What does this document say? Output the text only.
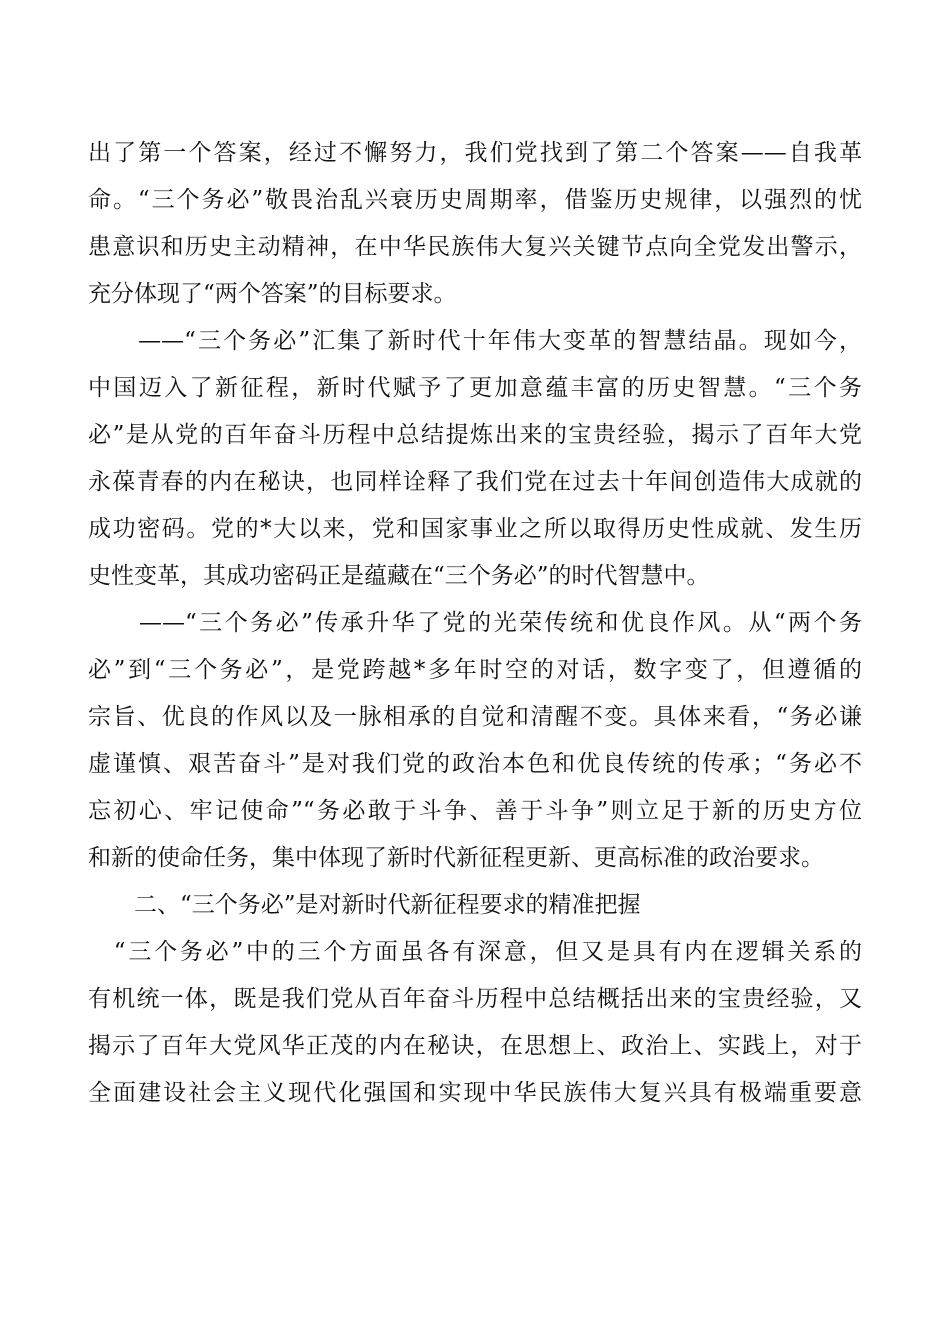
出了第一个答案，经过不懈努力，我们党找到了第二个答案——自我革
命。“三个务必”敬畏治乱兴衰历史周期率，借鉴历史规律，以强烈的忧
患意识和历史主动精神，在中华民族伟大复兴关键节点向全党发出警示，
充分体现了“两个答案”的目标要求。
　　——“三个务必”汇集了新时代十年伟大变革的智慧结晶。现如今，
中国迈入了新征程，新时代赋予了更加意蕴丰富的历史智慧。“三个务
必”是从党的百年奋斗历程中总结提炼出来的宝贵经验，揭示了百年大党
永葆青春的内在秘诀，也同样诠释了我们党在过去十年间创造伟大成就的
成功密码。党的*大以来，党和国家事业之所以取得历史性成就、发生历
史性变革，其成功密码正是蕴藏在“三个务必”的时代智慧中。
　　——“三个务必”传承升华了党的光荣传统和优良作风。从“两个务
必”到“三个务必”，是党跨越*多年时空的对话，数字变了，但遵循的
宗旨、优良的作风以及一脉相承的自觉和清醒不变。具体来看，“务必谦
虚谨慎、艰苦奋斗”是对我们党的政治本色和优良传统的传承；“务必不
忘初心、牢记使命”“务必敢于斗争、善于斗争”则立足于新的历史方位
和新的使命任务，集中体现了新时代新征程更新、更高标准的政治要求。
　　二、“三个务必”是对新时代新征程要求的精准把握
　“三个务必”中的三个方面虽各有深意，但又是具有内在逻辑关系的
有机统一体，既是我们党从百年奋斗历程中总结概括出来的宝贵经验，又
揭示了百年大党风华正茂的内在秘诀，在思想上、政治上、实践上，对于
全面建设社会主义现代化强国和实现中华民族伟大复兴具有极端重要意
